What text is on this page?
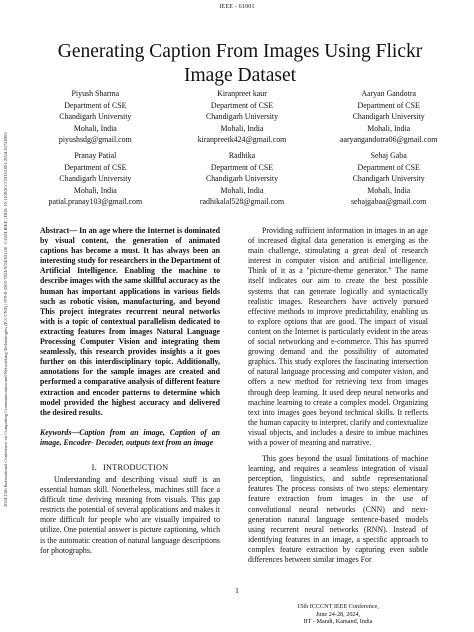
IEEE - 61001
2024 15th International Conference on Computing Communication and Networking Technologies (ICCCNT) | 979-8-3503-7024-9/24/$31.00 ©2024 IEEE | DOI: 10.1109/ICCCNT61001.2024.10724963
Generating Caption From Images Using Flickr
Image Dataset
Piyush Sharma
Department of CSE
Chandigarh University
Mohali, India
piyushsdg@gmail.com
Kiranpreet kaur
Department of CSE
Chandigarh University
Mohali, India
kiranpreetk424@gmail.com
Aaryan Gandotra
Department of CSE
Chandigarh University
Mohali, India
aaryangandotra06@gmail.com
Pranay Patial
Department of CSE
Chandigarh University
Mohali, India
patial.pranay103@gmail.com
Radhika
Department of CSE
Chandigarh University
Mohali, India
radhikalal528@gmail.com
Sehaj Gaba
Department of CSE
Chandigarh University
Mohali, India
sehajgabaa@gmail.com

Abstract— In an age where the Internet is dominated by visual content, the generation of animated captions has become a must. It has always been an interesting study for researchers in the Department of Artificial Intelligence. Enabling the machine to describe images with the same skillful accuracy as the human has important applications in various fields such as robotic vision, manufacturing, and beyond This project integrates recurrent neural networks with is a topic of contextual parallelism dedicated to extracting features from images Natural Language Processing Computer Vision and integrating them seamlessly, this research provides insights a it goes further on this interdisciplinary topic. Additionally, annotations for the sample images are created and performed a comparative analysis of different feature extraction and encoder patterns to determine which model provided the highest accuracy and delivered the desired results.

Keywords—Caption from an image, Caption of an image, Encoder- Decoder, outputs text from an image

I. INTRODUCTION

Understanding and describing visual stuff is an essential human skill. Nonetheless, machines still face a difficult time deriving meaning from visuals. This gap restricts the potential of several applications and makes it more difficult for people who are visually impaired to utilize. One potential answer is picture captioning, which is the automatic creation of natural language descriptions for photographs.

Providing sufficient information in images in an age of increased digital data generation is emerging as the main challenge, stimulating a great deal of research interest in computer vision and artificial intelligence. Think of it as a "picture-theme generator." The name itself indicates our aim to create the best possible systems that can generate logically and syntactically realistic images. Researchers have actively pursued effective methods to improve predictability, enabling us to explore options that are good. The impact of visual content on the Internet is particularly evident in the areas of social networking and e-commerce. This has spurred growing demand and the possibility of automated graphics. This study explores the fascinating intersection of natural language processing and computer vision, and offers a new method for retrieving text from images through deep learning. It used deep neural networks and machine learning to create a complex model. Organizing text into images goes beyond technical skills. It reflects the human capacity to interpret, clarify and contextualize visual objects, and includes a desire to imbue machines with a power of meaning and narrative.

This goes beyond the usual limitations of machine learning, and requires a seamless integration of visual perception, linguistics, and subtle representational features The process consists of two steps: elementary feature extraction from images in the use of convolutional neural networks (CNN) and next-generation natural language sentence-based models using recurrent neural networks (RNN). Instead of identifying features in an image, a specific approach to complex feature extraction by capturing even subtle differences between similar images For

1
15th ICCCNT IEEE Conference,
June 24-28, 2024,
IIT - Mandi, Kamand, India
